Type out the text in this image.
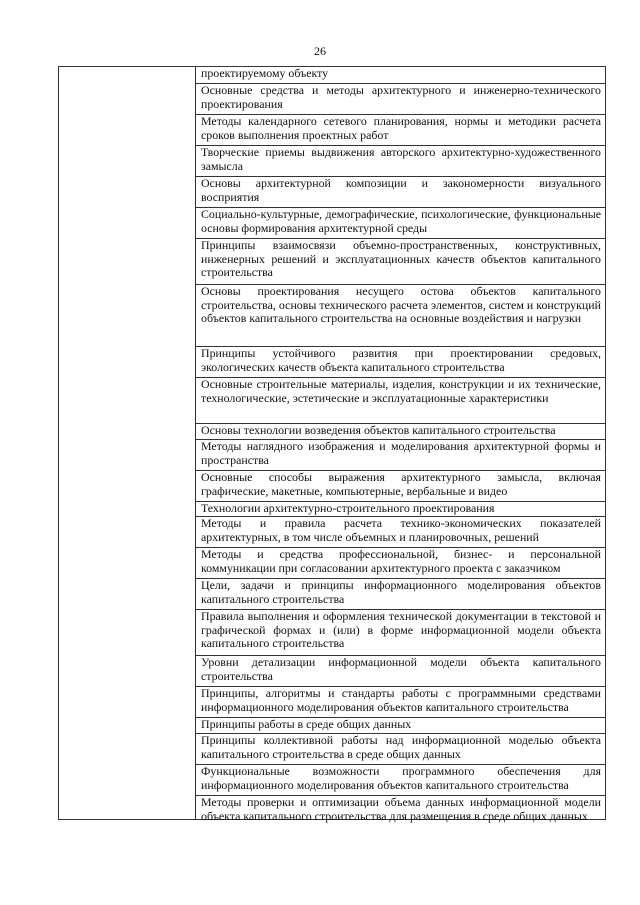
26
проектируемому объекту
Основные средства и методы архитектурного и инженерно-технического проектирования
Методы календарного сетевого планирования, нормы и методики расчета сроков выполнения проектных работ
Творческие приемы выдвижения авторского архитектурно-художественного замысла
Основы архитектурной композиции и закономерности визуального восприятия
Социально-культурные, демографические, психологические, функциональные основы формирования архитектурной среды
Принципы взаимосвязи объемно-пространственных, конструктивных, инженерных решений и эксплуатационных качеств объектов капитального строительства
Основы проектирования несущего остова объектов капитального строительства, основы технического расчета элементов, систем и конструкций объектов капитального строительства на основные воздействия и нагрузки
Принципы устойчивого развития при проектировании средовых, экологических качеств объекта капитального строительства
Основные строительные материалы, изделия, конструкции и их технические, технологические, эстетические и эксплуатационные характеристики
Основы технологии возведения объектов капитального строительства
Методы наглядного изображения и моделирования архитектурной формы и пространства
Основные способы выражения архитектурного замысла, включая графические, макетные, компьютерные, вербальные и видео
Технологии архитектурно-строительного проектирования
Методы и правила расчета технико-экономических показателей архитектурных, в том числе объемных и планировочных, решений
Методы и средства профессиональной, бизнес- и персональной коммуникации при согласовании архитектурного проекта с заказчиком
Цели, задачи и принципы информационного моделирования объектов капитального строительства
Правила выполнения и оформления технической документации в текстовой и графической формах и (или) в форме информационной модели объекта капитального строительства
Уровни детализации информационной модели объекта капитального строительства
Принципы, алгоритмы и стандарты работы с программными средствами информационного моделирования объектов капитального строительства
Принципы работы в среде общих данных
Принципы коллективной работы над информационной моделью объекта капитального строительства в среде общих данных
Функциональные возможности программного обеспечения для информационного моделирования объектов капитального строительства
Методы проверки и оптимизации объема данных информационной модели объекта капитального строительства для размещения в среде общих данных
